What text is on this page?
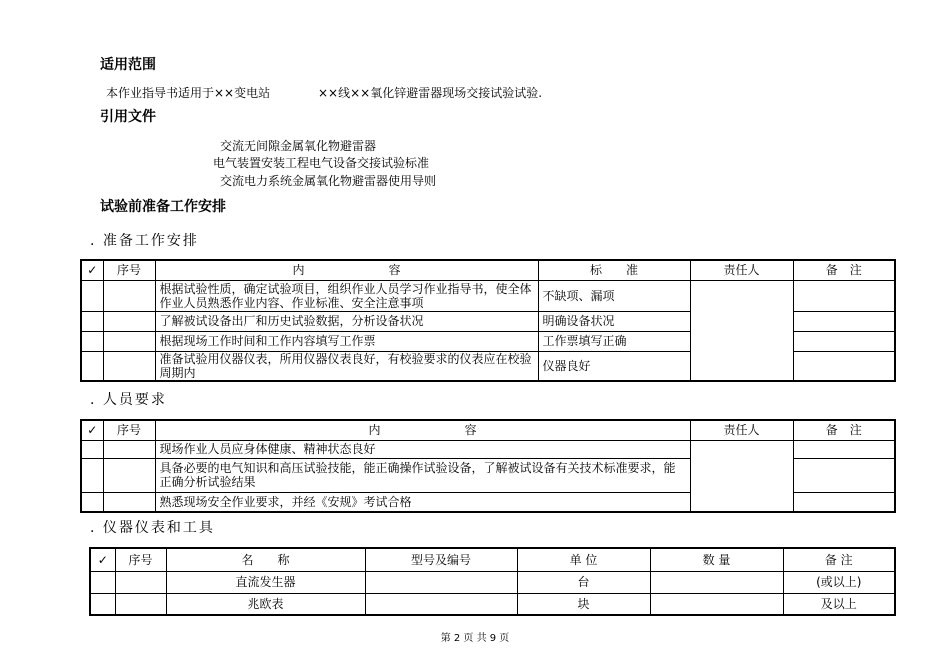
适用范围
本作业指导书适用于××变电站	××线××氧化锌避雷器现场交接试验试验.
引用文件
交流无间隙金属氧化物避雷器
电气装置安装工程电气设备交接试验标准
交流电力系统金属氧化物避雷器使用导则
试验前准备工作安排
. 准备工作安排
✓	序号	内　　　　　　　容	标　　准	责任人	备　注
		根据试验性质，确定试验项目，组织作业人员学习作业指导书，使全体作业人员熟悉作业内容、作业标准、安全注意事项	不缺项、漏项		
		了解被试设备出厂和历史试验数据，分析设备状况	明确设备状况		
		根据现场工作时间和工作内容填写工作票	工作票填写正确		
		准备试验用仪器仪表，所用仪器仪表良好，有校验要求的仪表应在校验周期内	仪器良好		
. 人员要求
✓	序号	内　　　　　　　容	责任人	备　注
		现场作业人员应身体健康、精神状态良好		
		具备必要的电气知识和高压试验技能，能正确操作试验设备，了解被试设备有关技术标准要求，能正确分析试验结果		
		熟悉现场安全作业要求，并经《安规》考试合格		
. 仪器仪表和工具
✓	序号	名　　称	型号及编号	单 位	数 量	备 注
		直流发生器		台		(或以上)
		兆欧表		块		及以上
第 2 页 共 9 页
